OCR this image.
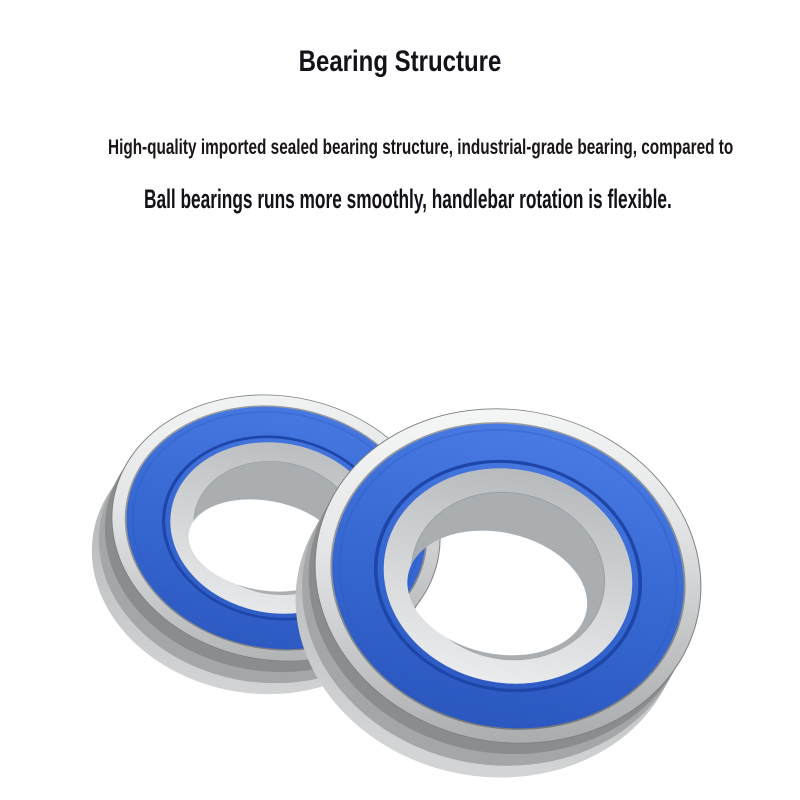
Bearing Structure
High-quality imported sealed bearing structure, industrial-grade bearing, compared to
Ball bearings runs more smoothly, handlebar rotation is flexible.
